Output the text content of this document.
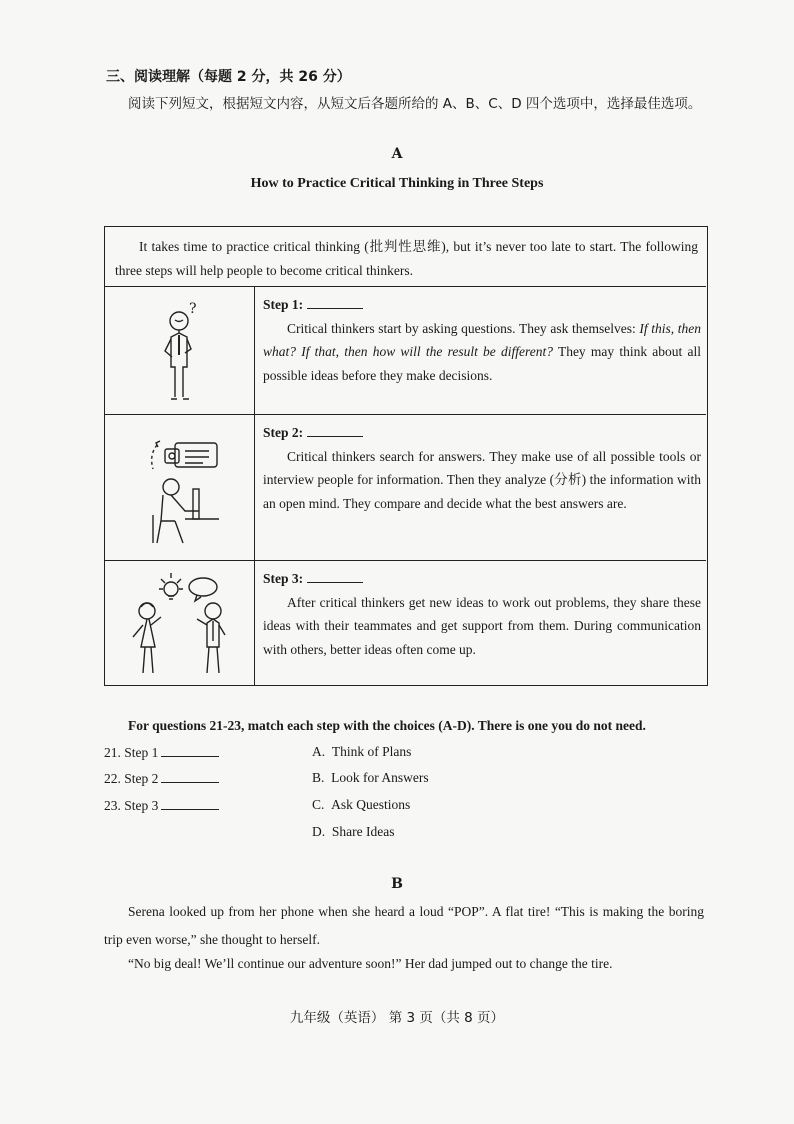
三、阅读理解（每题 2 分，共 26 分）
阅读下列短文，根据短文内容，从短文后各题所给的 A、B、C、D 四个选项中，选择最佳选项。
A
How to Practice Critical Thinking in Three Steps
It takes time to practice critical thinking (批判性思维), but it’s never too late to start. The following three steps will help people to become critical thinkers.
?	Step 1:
Critical thinkers start by asking questions. They ask themselves: If this, then what? If that, then how will the result be different? They may think about all possible ideas before they make decisions.
Step 2:
Critical thinkers search for answers. They make use of all possible tools or interview people for information. Then they analyze (分析) the information with an open mind. They compare and decide what the best answers are.
Step 3:
After critical thinkers get new ideas to work out problems, they share these ideas with their teammates and get support from them. During communication with others, better ideas often come up.
For questions 21-23, match each step with the choices (A-D). There is one you do not need.
21. Step 1
22. Step 2
23. Step 3
A. Think of Plans
B. Look for Answers
C. Ask Questions
D. Share Ideas
B
Serena looked up from her phone when she heard a loud “POP”. A flat tire! “This is making the boring trip even worse,” she thought to herself.
“No big deal! We’ll continue our adventure soon!” Her dad jumped out to change the tire.
九年级（英语） 第 3 页（共 8 页）
